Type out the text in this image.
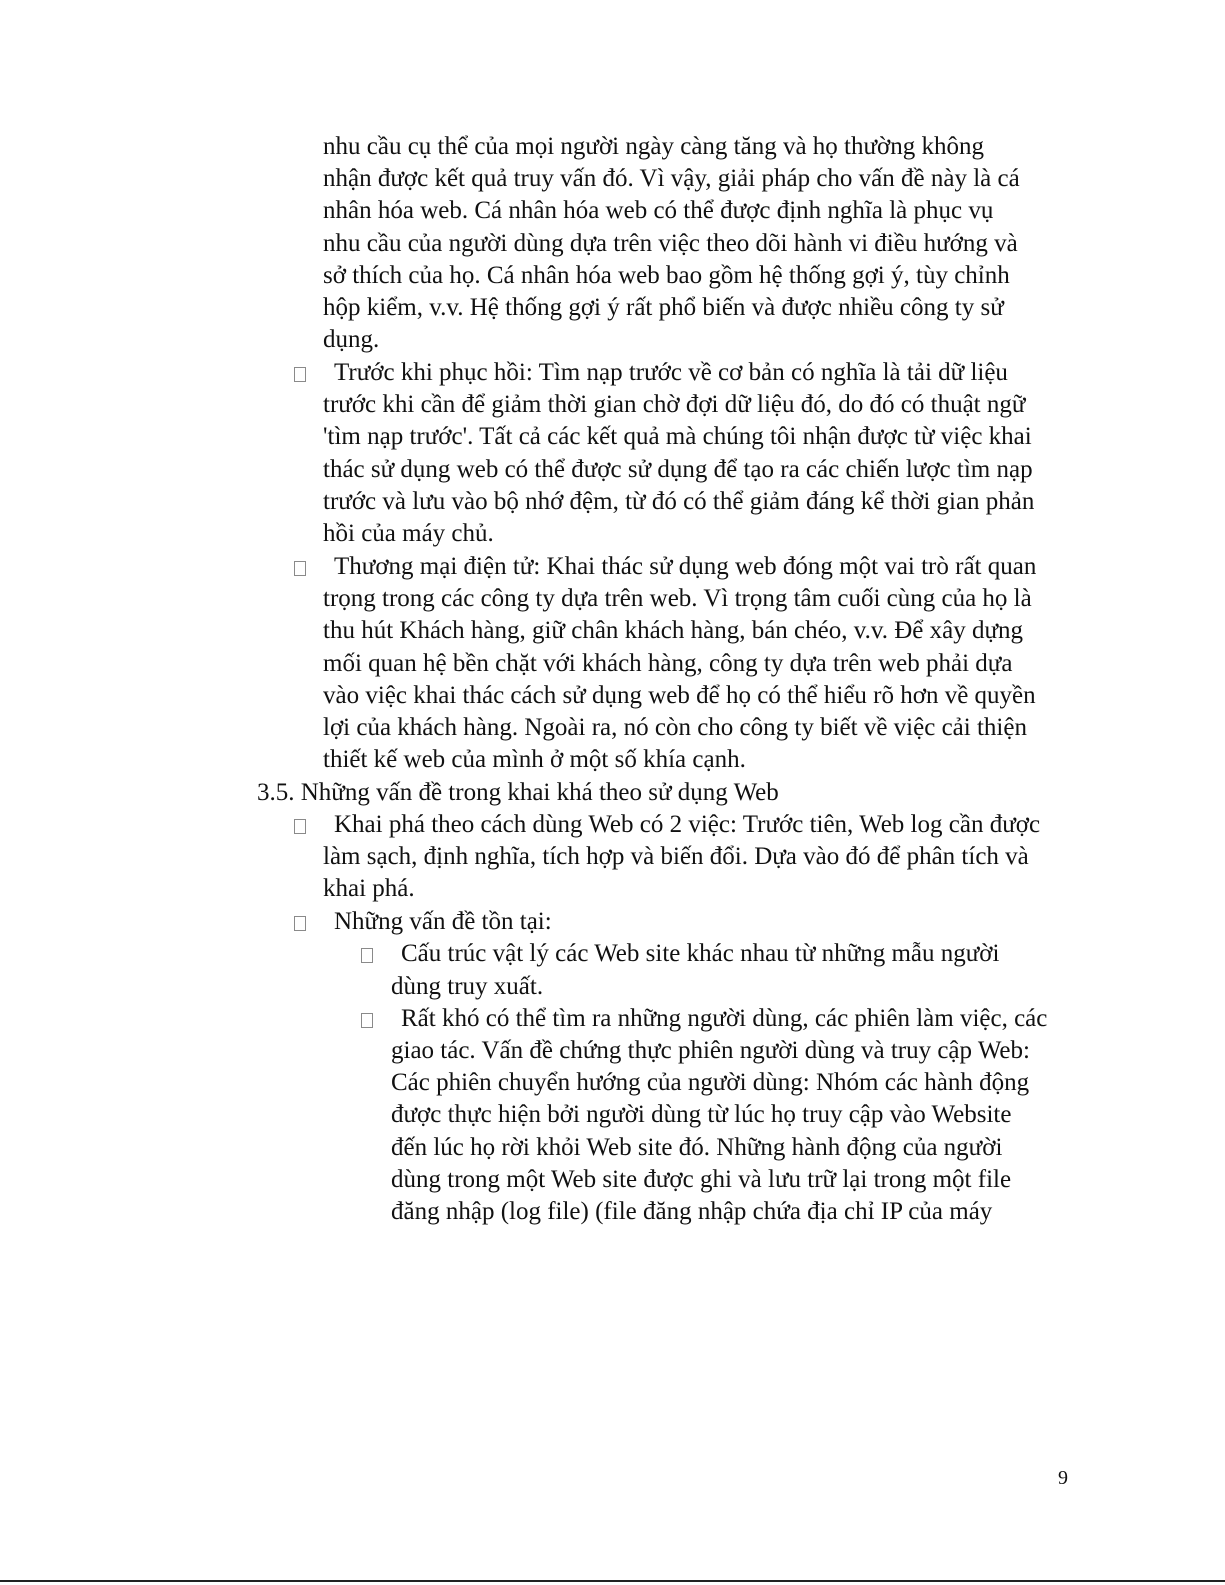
nhu cầu cụ thể của mọi người ngày càng tăng và họ thường không
nhận được kết quả truy vấn đó. Vì vậy, giải pháp cho vấn đề này là cá
nhân hóa web. Cá nhân hóa web có thể được định nghĩa là phục vụ
nhu cầu của người dùng dựa trên việc theo dõi hành vi điều hướng và
sở thích của họ. Cá nhân hóa web bao gồm hệ thống gợi ý, tùy chỉnh
hộp kiểm, v.v. Hệ thống gợi ý rất phổ biến và được nhiều công ty sử
dụng.
Trước khi phục hồi: Tìm nạp trước về cơ bản có nghĩa là tải dữ liệu
trước khi cần để giảm thời gian chờ đợi dữ liệu đó, do đó có thuật ngữ
'tìm nạp trước'. Tất cả các kết quả mà chúng tôi nhận được từ việc khai
thác sử dụng web có thể được sử dụng để tạo ra các chiến lược tìm nạp
trước và lưu vào bộ nhớ đệm, từ đó có thể giảm đáng kể thời gian phản
hồi của máy chủ.
Thương mại điện tử: Khai thác sử dụng web đóng một vai trò rất quan
trọng trong các công ty dựa trên web. Vì trọng tâm cuối cùng của họ là
thu hút Khách hàng, giữ chân khách hàng, bán chéo, v.v. Để xây dựng
mối quan hệ bền chặt với khách hàng, công ty dựa trên web phải dựa
vào việc khai thác cách sử dụng web để họ có thể hiểu rõ hơn về quyền
lợi của khách hàng. Ngoài ra, nó còn cho công ty biết về việc cải thiện
thiết kế web của mình ở một số khía cạnh.
3.5. Những vấn đề trong khai khá theo sử dụng Web
Khai phá theo cách dùng Web có 2 việc: Trước tiên, Web log cần được
làm sạch, định nghĩa, tích hợp và biến đổi. Dựa vào đó để phân tích và
khai phá.
Những vấn đề tồn tại:
Cấu trúc vật lý các Web site khác nhau từ những mẫu người
dùng truy xuất.
Rất khó có thể tìm ra những người dùng, các phiên làm việc, các
giao tác. Vấn đề chứng thực phiên người dùng và truy cập Web:
Các phiên chuyển hướng của người dùng: Nhóm các hành động
được thực hiện bởi người dùng từ lúc họ truy cập vào Website
đến lúc họ rời khỏi Web site đó. Những hành động của người
dùng trong một Web site được ghi và lưu trữ lại trong một file
đăng nhập (log file) (file đăng nhập chứa địa chỉ IP của máy
9
